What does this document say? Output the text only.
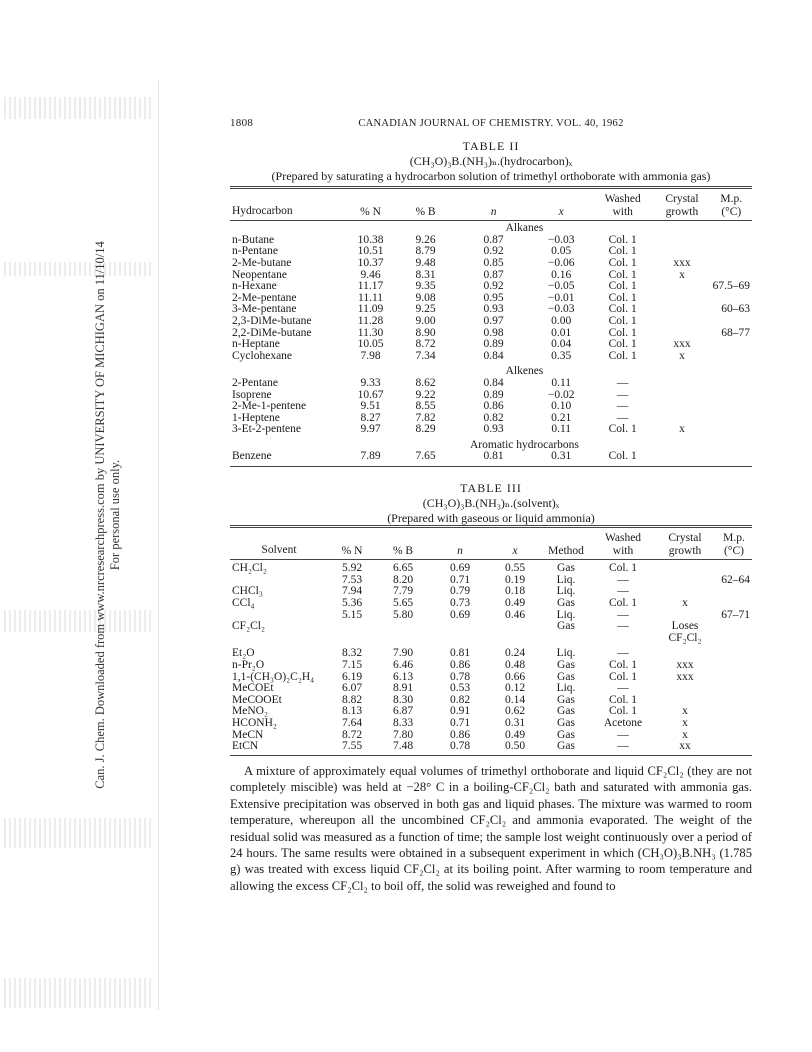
Can. J. Chem. Downloaded from www.nrcresearchpress.com by UNIVERSITY OF MICHIGAN on 11/10/14 For personal use only.
1808	CANADIAN JOURNAL OF CHEMISTRY. VOL. 40, 1962
TABLE II
(CH₃O)₃B.(NH₃)ₙ.(hydrocarbon)ₓ
(Prepared by saturating a hydrocarbon solution of trimethyl orthoborate with ammonia gas)
					Washed	Crystal	M.p.
Hydrocarbon	% N	% B	n	x	with	growth	(°C)
			Alkanes				
n-Butane	10.38	9.26	0.87	−0.03	Col. 1		
n-Pentane	10.51	8.79	0.92	0.05	Col. 1		
2-Me-butane	10.37	9.48	0.85	−0.06	Col. 1	xxx	
Neopentane	9.46	8.31	0.87	0.16	Col. 1	x	
n-Hexane	11.17	9.35	0.92	−0.05	Col. 1		67.5–69
2-Me-pentane	11.11	9.08	0.95	−0.01	Col. 1		
3-Me-pentane	11.09	9.25	0.93	−0.03	Col. 1		60–63
2,3-DiMe-butane	11.28	9.00	0.97	0.00	Col. 1		
2,2-DiMe-butane	11.30	8.90	0.98	0.01	Col. 1		68–77
n-Heptane	10.05	8.72	0.89	0.04	Col. 1	xxx	
Cyclohexane	7.98	7.34	0.84	0.35	Col. 1	x	
			Alkenes				
2-Pentane	9.33	8.62	0.84	0.11	—		
Isoprene	10.67	9.22	0.89	−0.02	—		
2-Me-1-pentene	9.51	8.55	0.86	0.10	—		
1-Heptene	8.27	7.82	0.82	0.21	—		
3-Et-2-pentene	9.97	8.29	0.93	0.11	Col. 1	x	
			Aromatic hydrocarbons				
Benzene	7.89	7.65	0.81	0.31	Col. 1		

TABLE III
(CH₃O)₃B.(NH₃)ₙ.(solvent)ₓ
(Prepared with gaseous or liquid ammonia)
						Washed	Crystal	M.p.
Solvent	% N	% B	n	x	Method	with	growth	(°C)
CH₂Cl₂	5.92	6.65	0.69	0.55	Gas	Col. 1		
	7.53	8.20	0.71	0.19	Liq.	—		62–64
CHCl₃	7.94	7.79	0.79	0.18	Liq.	—		
CCl₄	5.36	5.65	0.73	0.49	Gas	Col. 1	x	
	5.15	5.80	0.69	0.46	Liq.	—		67–71
CF₂Cl₂					Gas	—	Loses	
							CF₂Cl₂	
Et₂O	8.32	7.90	0.81	0.24	Liq.	—		
n-Pr₂O	7.15	6.46	0.86	0.48	Gas	Col. 1	xxx	
1,1-(CH₃O)₂C₂H₄	6.19	6.13	0.78	0.66	Gas	Col. 1	xxx	
MeCOEt	6.07	8.91	0.53	0.12	Liq.	—		
MeCOOEt	8.82	8.30	0.82	0.14	Gas	Col. 1		
MeNO₂	8.13	6.87	0.91	0.62	Gas	Col. 1	x	
HCONH₂	7.64	8.33	0.71	0.31	Gas	Acetone	x	
MeCN	8.72	7.80	0.86	0.49	Gas	—	x	
EtCN	7.55	7.48	0.78	0.50	Gas	—	xx	

A mixture of approximately equal volumes of trimethyl orthoborate and liquid CF₂Cl₂ (they are not completely miscible) was held at −28° C in a boiling-CF₂Cl₂ bath and saturated with ammonia gas. Extensive precipitation was observed in both gas and liquid phases. The mixture was warmed to room temperature, whereupon all the uncombined CF₂Cl₂ and ammonia evaporated. The weight of the residual solid was measured as a function of time; the sample lost weight continuously over a period of 24 hours. The same results were obtained in a subsequent experiment in which (CH₃O)₃B.NH₃ (1.785 g) was treated with excess liquid CF₂Cl₂ at its boiling point. After warming to room temperature and allowing the excess CF₂Cl₂ to boil off, the solid was reweighed and found to
